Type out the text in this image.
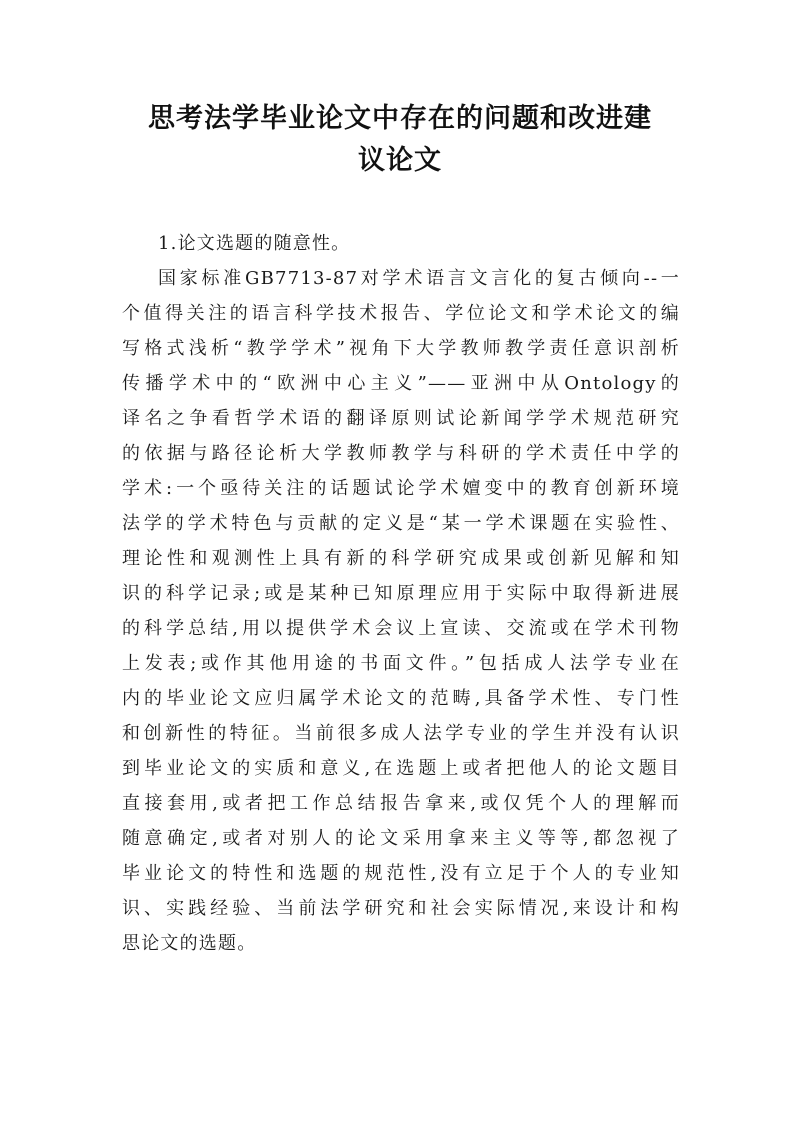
思考法学毕业论文中存在的问题和改进建
议论文
1.论文选题的随意性。
国家标准GB7713-87对学术语言文言化的复古倾向--一
个值得关注的语言科学技术报告、学位论文和学术论文的编
写格式浅析“教学学术”视角下大学教师教学责任意识剖析
传播学术中的“欧洲中心主义”——亚洲中从Ontology的
译名之争看哲学术语的翻译原则试论新闻学学术规范研究
的依据与路径论析大学教师教学与科研的学术责任中学的
学术:一个亟待关注的话题试论学术嬗变中的教育创新环境
法学的学术特色与贡献的定义是“某一学术课题在实验性、
理论性和观测性上具有新的科学研究成果或创新见解和知
识的科学记录;或是某种已知原理应用于实际中取得新进展
的科学总结,用以提供学术会议上宣读、交流或在学术刊物
上发表;或作其他用途的书面文件。”包括成人法学专业在
内的毕业论文应归属学术论文的范畴,具备学术性、专门性
和创新性的特征。当前很多成人法学专业的学生并没有认识
到毕业论文的实质和意义,在选题上或者把他人的论文题目
直接套用,或者把工作总结报告拿来,或仅凭个人的理解而
随意确定,或者对别人的论文采用拿来主义等等,都忽视了
毕业论文的特性和选题的规范性,没有立足于个人的专业知
识、实践经验、当前法学研究和社会实际情况,来设计和构
思论文的选题。
